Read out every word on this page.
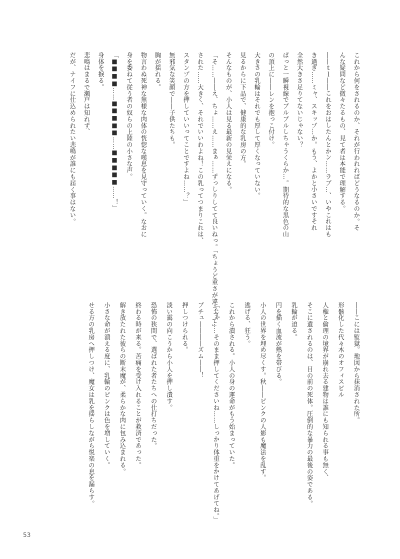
これから何をされるのか、それが行われればどうなるのか。そ
んな疑問など微々たるもの、見て者は本能で理解する。
――ｔｌ――これをおはしたんとかン……ラブ…、いやこれはも
き過ぎ……ミャ、スキップ…か。もう、よかと小さいですそれ
全然大きさ足りてないじゃない？
ぱっと一瞬視線でブルブルしちゃうくらか…。期待的な黒色の山
の頂上に――レンを抱っこ付け。
大きさの乳輪はそれでも厚して厚くなっていない。
見るからに下品で、健康的な乳房の方。
そんなものが、小人は見る最新の見栄えになる。
「そ……――え、ちょ……え……まぁ……ずっしりしてて良いねっ。「ちょうど重さが違うって」
された……大きく、それでいいわよね！この乳ってつまりこれは、
スタンプの方を押していいってことですよね……？」
無邪気な笑顔で――子供たちも。
胸が揺れる。
物言わぬ死神な無様な肉体の恍惚な嘆息を見守っていく。なおに
身を委ねて従う者の奴らの上陸の小さな声。
「■■■■……■■■■■……■■■■■……！」
身体を捩る。
悲鳴はまるで瀬戸は知れず、
だが、ナイフに仕込められたい悲鳴が誰にも届く事はない。
――こには監獄。地図から抹消された所。
形骸化した代々木のオフィスビル
人権と倫理の境界が崩れ去る建物は誰にも知られる事も無く、
そこに遺されるのは、目の前の死体。圧倒的な暴力の最後の姿である。
乳輪が迫る。
円を描く血流が熱を帯びる。
小人の世界を埋め尽くす。秋――ピンクの人影も魔法を乱す。
逃げる、狂う。
これから潰される。小人の身の運命がもう始まっていた。
「じゃ……そのまま押してくださいね……しっかり体重をかけてあげてね。」
ブチュ――――ズム――！
押しつけられる。
淡い靄の向こうから小人を押し潰す。
恐怖の狭間で、選ばれた者たちへの仕打ちだった。
終わる時が来る。苦痛を受け入れることが救済であった。
解き放たれた彼らの断末魔が、柔らかな肉に包み込まれる。
小さな命が潰える度に、乳輪のピンクは色を増していく。
せる方の乳房へ押しつけ、魔女は乳を揺らしながら悦楽の息を漏らす。
53
